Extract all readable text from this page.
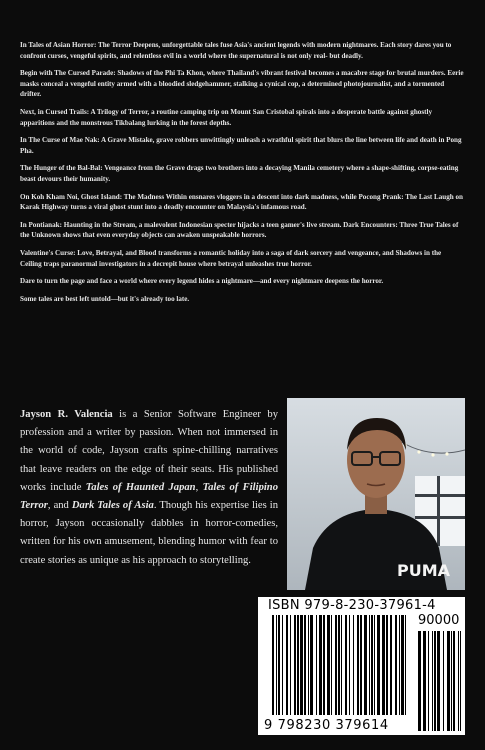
In Tales of Asian Horror: The Terror Deepens, unforgettable tales fuse Asia's ancient legends with modern nightmares. Each story dares you to confront curses, vengeful spirits, and relentless evil in a world where the supernatural is not only real- but deadly.

Begin with The Cursed Parade: Shadows of the Phi Ta Khon, where Thailand's vibrant festival becomes a macabre stage for brutal murders. Eerie masks conceal a vengeful entity armed with a bloodied sledgehammer, stalking a cynical cop, a determined photojournalist, and a tormented drifter.

Next, in Cursed Trails: A Trilogy of Terror, a routine camping trip on Mount San Cristobal spirals into a desperate battle against ghostly apparitions and the monstrous Tikbalang lurking in the forest depths.

In The Curse of Mae Nak: A Grave Mistake, grave robbers unwittingly unleash a wrathful spirit that blurs the line between life and death in Pong Pha.

The Hunger of the Bal-Bal: Vengeance from the Grave drags two brothers into a decaying Manila cemetery where a shape-shifting, corpse-eating beast devours their humanity.

On Koh Kham Noi, Ghost Island: The Madness Within ensnares vloggers in a descent into dark madness, while Pocong Prank: The Last Laugh on Karak Highway turns a viral ghost stunt into a deadly encounter on Malaysia's infamous road.

In Pontianak: Haunting in the Stream, a malevolent Indonesian specter hijacks a teen gamer's live stream. Dark Encounters: Three True Tales of the Unknown shows that even everyday objects can awaken unspeakable horrors.

Valentine's Curse: Love, Betrayal, and Blood transforms a romantic holiday into a saga of dark sorcery and vengeance, and Shadows in the Ceiling traps paranormal investigators in a decrepit house where betrayal unleashes true horror.

Dare to turn the page and face a world where every legend hides a nightmare—and every nightmare deepens the horror.

Some tales are best left untold—but it's already too late.

Jayson R. Valencia is a Senior Software Engineer by profession and a writer by passion. When not immersed in the world of code, Jayson crafts spine-chilling narratives that leave readers on the edge of their seats. His published works include Tales of Haunted Japan, Tales of Filipino Terror, and Dark Tales of Asia. Though his expertise lies in horror, Jayson occasionally dabbles in horror-comedies, written for his own amusement, blending humor with fear to create stories as unique as his approach to storytelling.
PUMA
ISBN 979-8-230-37961-4
90000
9 798230 379614
